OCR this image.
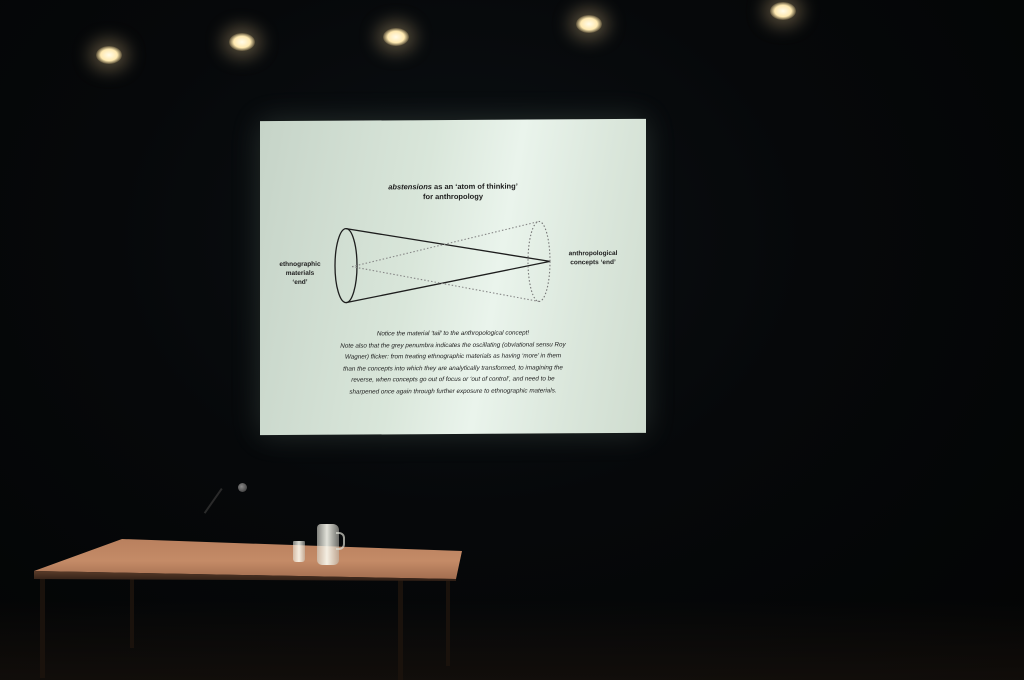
abstensions as an ‘atom of thinking’
for anthropology
ethnographic
materials
‘end’
anthropological
concepts ‘end’
Notice the material ‘tail’ to the anthropological concept!
Note also that the grey penumbra indicates the oscillating (obviational sensu Roy
Wagner) flicker: from treating ethnographic materials as having ‘more’ in them
than the concepts into which they are analytically transformed, to imagining the
reverse, when concepts go out of focus or ‘out of control’, and need to be
sharpened once again through further exposure to ethnographic materials.
